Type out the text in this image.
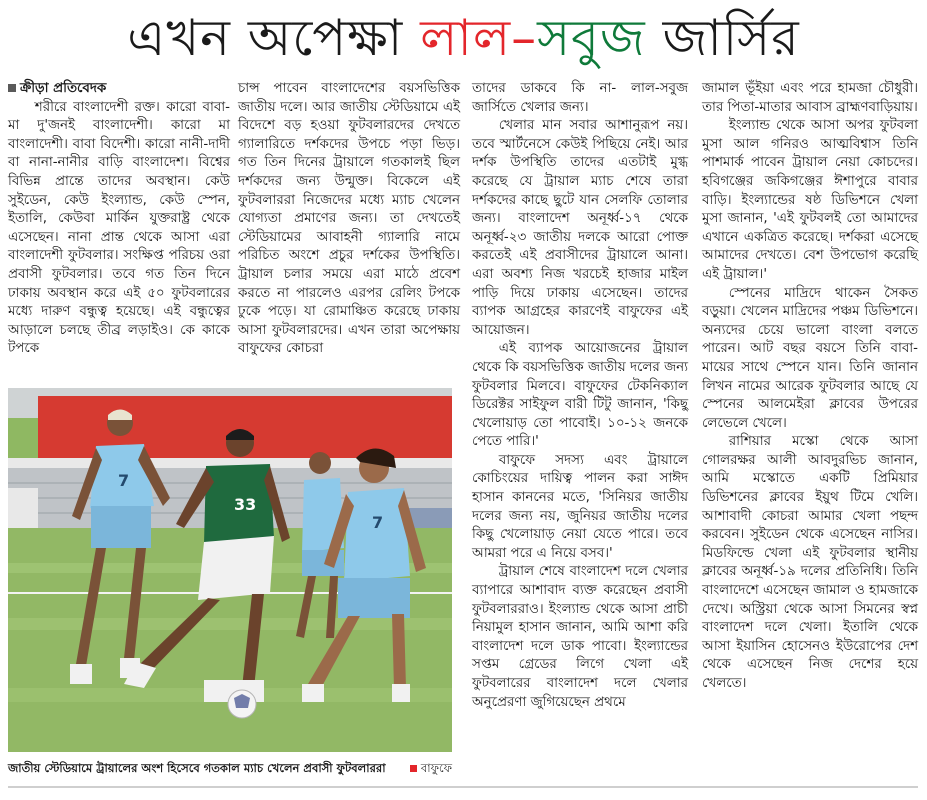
এখন অপেক্ষা লাল–সবুজ জার্সির

ক্রীড়া প্রতিবেদক

শরীরে বাংলাদেশী রক্ত। কারো বাবা-মা দু'জনই বাংলাদেশী। কারো মা বাংলাদেশী। বাবা বিদেশী। কারো নানী-দাদী বা নানা-নানীর বাড়ি বাংলাদেশ। বিশ্বের বিভিন্ন প্রান্তে তাদের অবস্থান। কেউ সুইডেন, কেউ ইংল্যান্ড, কেউ স্পেন, ইতালি, কেউবা মার্কিন যুক্তরাষ্ট্র থেকে এসেছেন। নানা প্রান্ত থেকে আসা এরা বাংলাদেশী ফুটবলার। সংক্ষিপ্ত পরিচয় ওরা প্রবাসী ফুটবলার। তবে গত তিন দিনে ঢাকায় অবস্থান করে এই ৫০ ফুটবলারের মধ্যে দারুণ বন্ধুত্ব হয়েছে। এই বন্ধুত্বের আড়ালে চলছে তীব্র লড়াইও। কে কাকে টপকে

চান্স পাবেন বাংলাদেশের বয়সভিত্তিক জাতীয় দলে। আর জাতীয় স্টেডিয়ামে এই বিদেশে বড় হওয়া ফুটবলারদের দেখতে গ্যালারিতে দর্শকদের উপচে পড়া ভিড়। গত তিন দিনের ট্রায়ালে গতকালই ছিল দর্শকদের জন্য উন্মুক্ত। বিকেলে এই ফুটবলাররা নিজেদের মধ্যে ম্যাচ খেলেন যোগ্যতা প্রমাণের জন্য। তা দেখতেই স্টেডিয়ামের আবাহনী গ্যালারি নামে পরিচিত অংশে প্রচুর দর্শকের উপস্থিতি। ট্রায়াল চলার সময়ে এরা মাঠে প্রবেশ করতে না পারলেও এরপর রেলিং টপকে ঢুকে পড়ে। যা রোমাঞ্চিত করেছে ঢাকায় আসা ফুটবলারদের। এখন তারা অপেক্ষায় বাফুফের কোচরা

তাদের ডাকবে কি না- লাল-সবুজ জার্সিতে খেলার জন্য।

খেলার মান সবার আশানুরূপ নয়। তবে স্মার্টনেসে কেউই পিছিয়ে নেই। আর দর্শক উপস্থিতি তাদের এতটাই মুগ্ধ করেছে যে ট্রায়াল ম্যাচ শেষে তারা দর্শকদের কাছে ছুটে যান সেলফি তোলার জন্য। বাংলাদেশ অনূর্ধ্ব-১৭ থেকে অনূর্ধ্ব-২৩ জাতীয় দলকে আরো পোক্ত করতেই এই প্রবাসীদের ট্রায়ালে আনা। এরা অবশ্য নিজ খরচেই হাজার মাইল পাড়ি দিয়ে ঢাকায় এসেছেন। তাদের ব্যাপক আগ্রহের কারণেই বাফুফের এই আয়োজন।

এই ব্যাপক আয়োজনের ট্রায়াল থেকে কি বয়সভিত্তিক জাতীয় দলের জন্য ফুটবলার মিলবে। বাফুফের টেকনিক্যাল ডিরেক্টর সাইফুল বারী টিটু জানান, 'কিছু খেলোয়াড় তো পাবোই। ১০-১২ জনকে পেতে পারি।'

বাফুফে সদস্য এবং ট্রায়ালে কোচিংয়ের দায়িত্ব পালন করা সাঈদ হাসান কাননের মতে, 'সিনিয়র জাতীয় দলের জন্য নয়, জুনিয়র জাতীয় দলের কিছু খেলোয়াড় নেয়া যেতে পারে। তবে আমরা পরে এ নিয়ে বসব।'

ট্রায়াল শেষে বাংলাদেশ দলে খেলার ব্যাপারে আশাবাদ ব্যক্ত করেছেন প্রবাসী ফুটবলাররাও। ইংল্যান্ড থেকে আসা প্রাচী নিয়ামুল হাসান জানান, আমি আশা করি বাংলাদেশ দলে ডাক পাবো। ইংল্যান্ডের সপ্তম গ্রেডের লিগে খেলা এই ফুটবলারের বাংলাদেশ দলে খেলার অনুপ্রেরণা জুগিয়েছেন প্রথমে

জামাল ভূঁইয়া এবং পরে হামজা চৌধুরী। তার পিতা-মাতার আবাস ব্রাহ্মণবাড়িয়ায়।

ইংল্যান্ড থেকে আসা অপর ফুটবলা মুসা আল গনিরও আত্মবিশ্বাস তিনি পাশমার্ক পাবেন ট্রায়াল নেয়া কোচদের। হবিগঞ্জের জকিগঞ্জের ঈশাপুরে বাবার বাড়ি। ইংল্যান্ডের ষষ্ঠ ডিভিশনে খেলা মুসা জানান, 'এই ফুটবলই তো আমাদের এখানে একত্রিত করেছে। দর্শকরা এসেছে আমাদের দেখতে। বেশ উপভোগ করেছি এই ট্রায়াল।'

স্পেনের মাদ্রিদে থাকেন সৈকত বড়ুয়া। খেলেন মাদ্রিদের পঞ্চম ডিভিশনে। অন্যদের চেয়ে ভালো বাংলা বলতে পারেন। আট বছর বয়সে তিনি বাবা-মায়ের সাথে স্পেনে যান। তিনি জানান লিখন নামের আরেক ফুটবলার আছে যে স্পেনের আলমেইরা ক্লাবের উপরের লেভেলে খেলে।

রাশিয়ার মস্কো থেকে আসা গোলরক্ষর আলী আবদুরভিচ জানান, আমি মস্কোতে একটি প্রিমিয়ার ডিভিশনের ক্লাবের ইয়ুথ টিমে খেলি। আশাবাদী কোচরা আমার খেলা পছন্দ করবেন। সুইডেন থেকে এসেছেন নাসির। মিডফিল্ডে খেলা এই ফুটবলার স্থানীয় ক্লাবের অনূর্ধ্ব-১৯ দলের প্রতিনিধি। তিনি বাংলাদেশে এসেছেন জামাল ও হামজাকে দেখে। অস্ট্রিয়া থেকে আসা সিমনের স্বপ্ন বাংলাদেশ দলে খেলা। ইতালি থেকে আসা ইয়াসিন হোসেনও ইউরোপের দেশ থেকে এসেছেন নিজ দেশের হয়ে খেলতে।

7
33
7
জাতীয় স্টেডিয়ামে ট্রায়ালের অংশ হিসেবে গতকাল ম্যাচ খেলেন প্রবাসী ফুটবলাররা	বাফুফে
